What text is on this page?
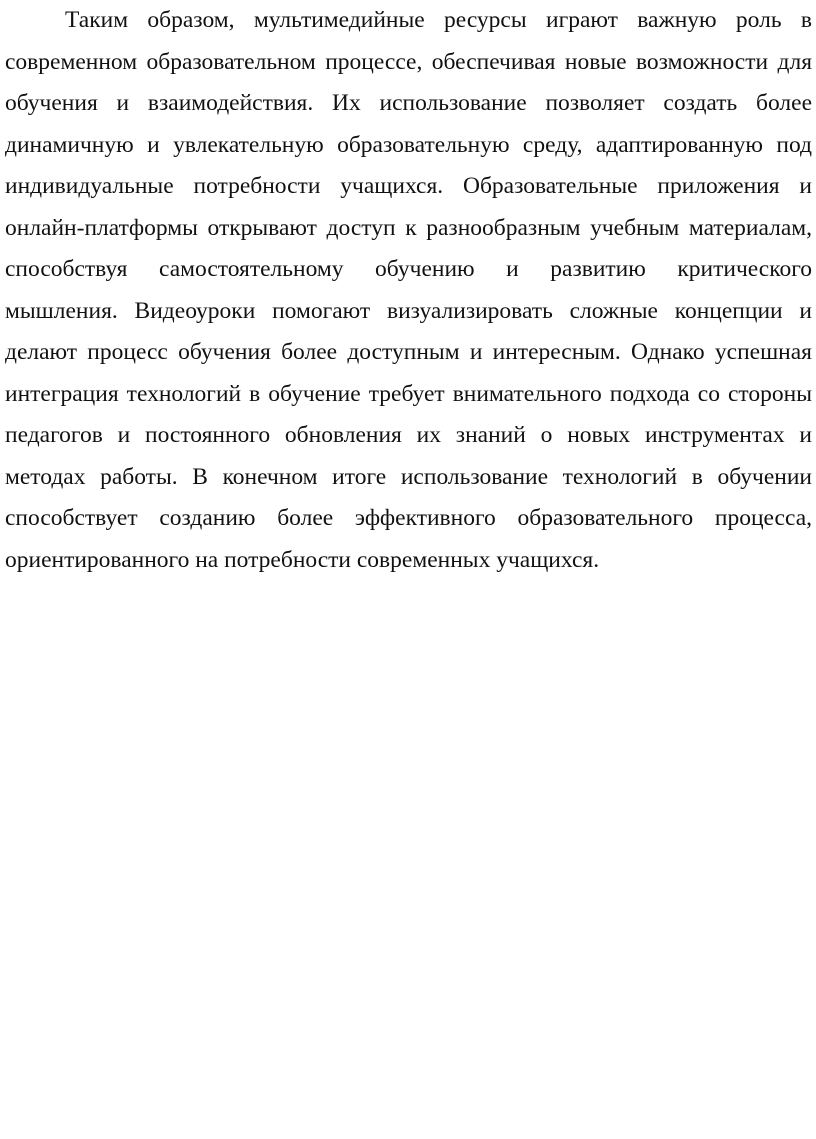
Таким образом, мультимедийные ресурсы играют важную роль в
современном образовательном процессе, обеспечивая новые возможности для
обучения и взаимодействия. Их использование позволяет создать более
динамичную и увлекательную образовательную среду, адаптированную под
индивидуальные потребности учащихся. Образовательные приложения и
онлайн-платформы открывают доступ к разнообразным учебным материалам,
способствуя самостоятельному обучению и развитию критического
мышления. Видеоуроки помогают визуализировать сложные концепции и
делают процесс обучения более доступным и интересным. Однако успешная
интеграция технологий в обучение требует внимательного подхода со стороны
педагогов и постоянного обновления их знаний о новых инструментах и
методах работы. В конечном итоге использование технологий в обучении
способствует созданию более эффективного образовательного процесса,
ориентированного на потребности современных учащихся.
